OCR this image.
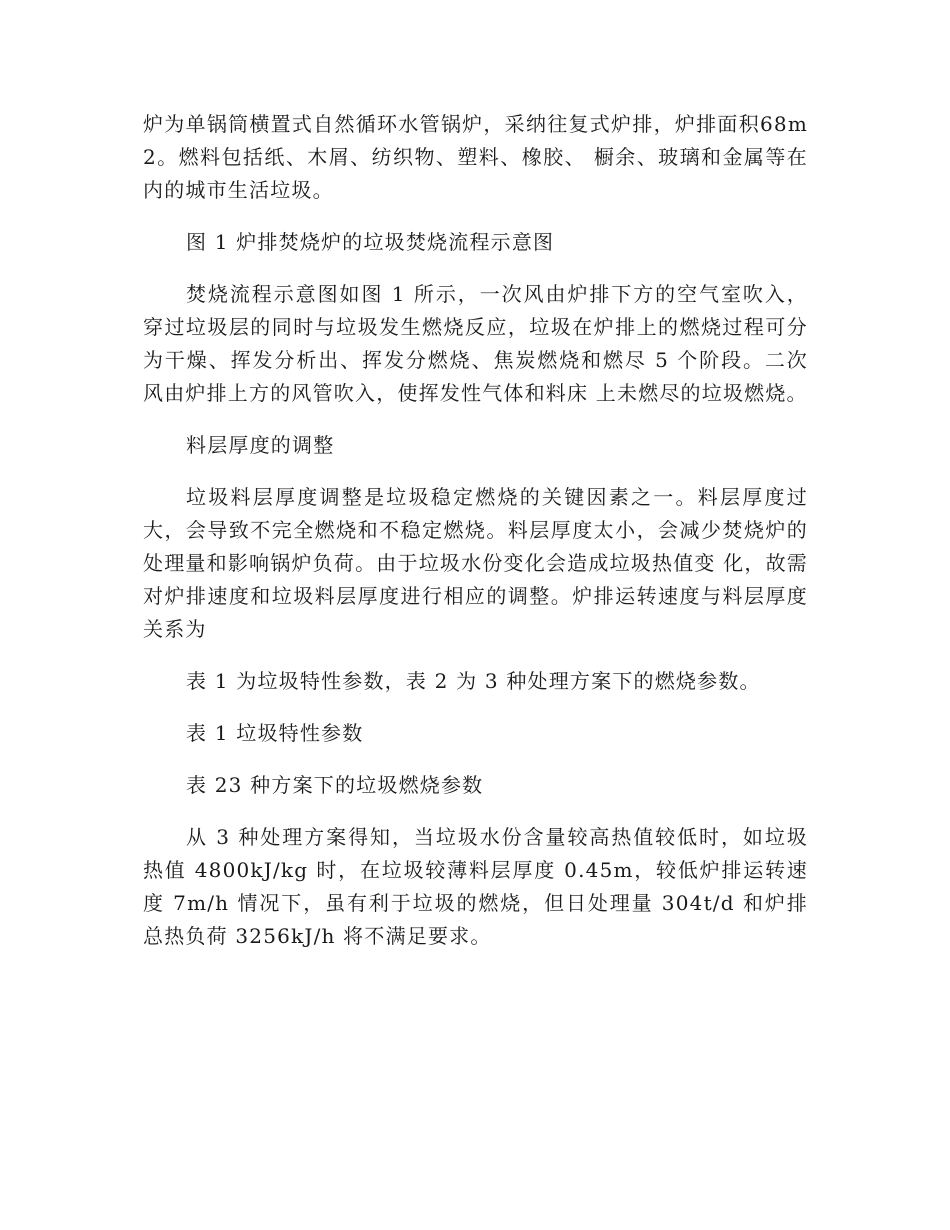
炉为单锅筒横置式自然循环水管锅炉，采纳往复式炉排，炉排面积68m2。燃料包括纸、木屑、纺织物、塑料、橡胶、 橱余、玻璃和金属等在内的城市生活垃圾。

图 1 炉排焚烧炉的垃圾焚烧流程示意图

焚烧流程示意图如图 1 所示，一次风由炉排下方的空气室吹入，穿过垃圾层的同时与垃圾发生燃烧反应，垃圾在炉排上的燃烧过程可分为干燥、挥发分析出、挥发分燃烧、焦炭燃烧和燃尽 5 个阶段。二次风由炉排上方的风管吹入，使挥发性气体和料床 上未燃尽的垃圾燃烧。

料层厚度的调整

垃圾料层厚度调整是垃圾稳定燃烧的关键因素之一。料层厚度过大，会导致不完全燃烧和不稳定燃烧。料层厚度太小，会减少焚烧炉的处理量和影响锅炉负荷。由于垃圾水份变化会造成垃圾热值变 化，故需对炉排速度和垃圾料层厚度进行相应的调整。炉排运转速度与料层厚度关系为

表 1 为垃圾特性参数，表 2 为 3 种处理方案下的燃烧参数。

表 1 垃圾特性参数

表 23 种方案下的垃圾燃烧参数

从 3 种处理方案得知，当垃圾水份含量较高热值较低时，如垃圾热值 4800kJ/kg 时，在垃圾较薄料层厚度 0.45m，较低炉排运转速度 7m/h 情况下，虽有利于垃圾的燃烧，但日处理量 304t/d 和炉排总热负荷 3256kJ/h 将不满足要求。
